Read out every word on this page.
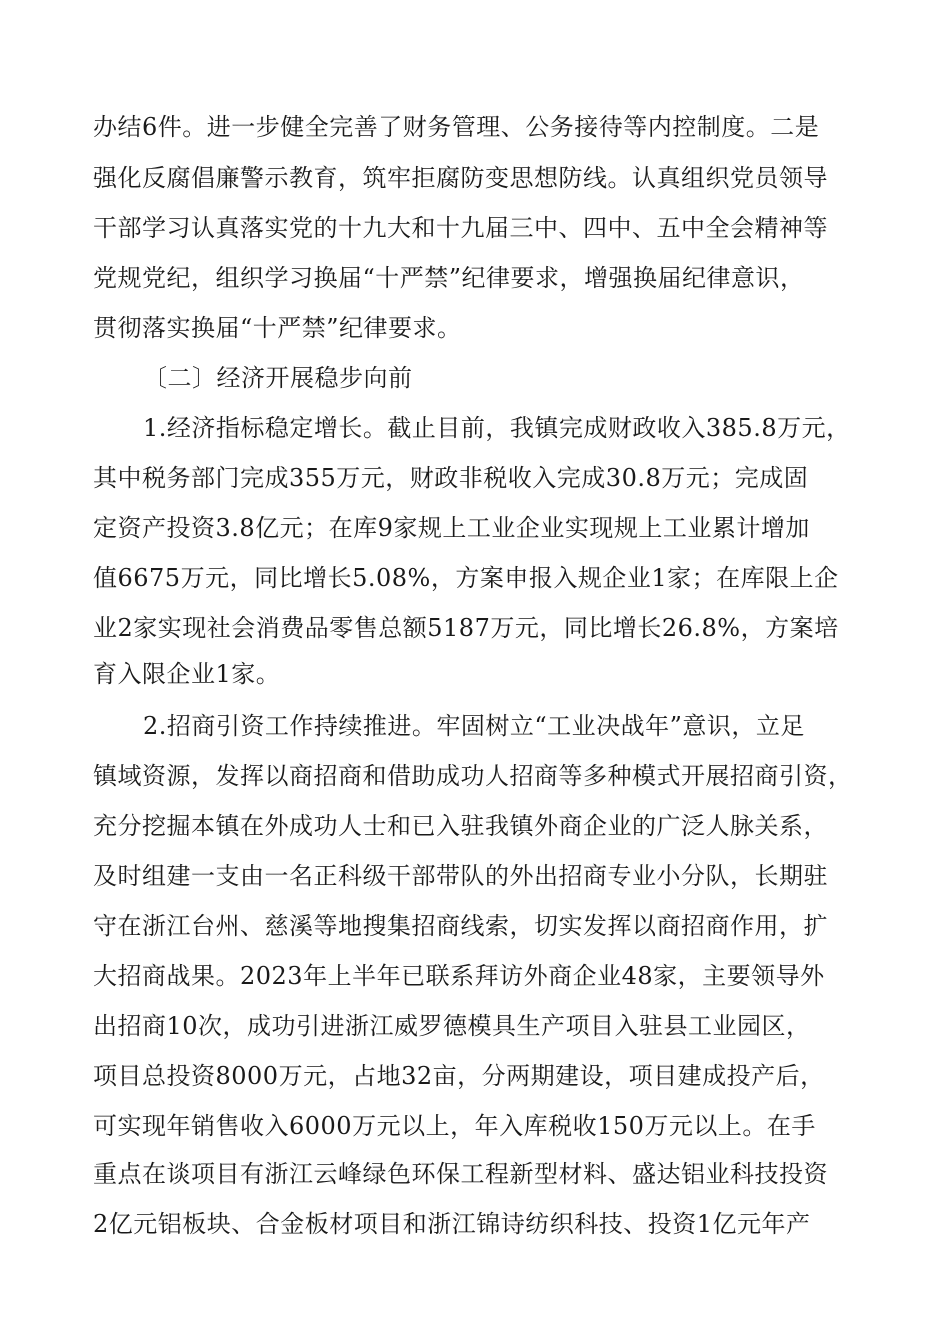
办结6件。进一步健全完善了财务管理、公务接待等内控制度。二是
强化反腐倡廉警示教育，筑牢拒腐防变思想防线。认真组织党员领导
干部学习认真落实党的十九大和十九届三中、四中、五中全会精神等
党规党纪，组织学习换届“十严禁”纪律要求，增强换届纪律意识，
贯彻落实换届“十严禁”纪律要求。
〔二〕经济开展稳步向前
1.经济指标稳定增长。截止目前，我镇完成财政收入385.8万元，
其中税务部门完成355万元，财政非税收入完成30.8万元；完成固
定资产投资3.8亿元；在库9家规上工业企业实现规上工业累计增加
值6675万元，同比增长5.08%，方案申报入规企业1家；在库限上企
业2家实现社会消费品零售总额5187万元，同比增长26.8%，方案培
育入限企业1家。
2.招商引资工作持续推进。牢固树立“工业决战年”意识，立足
镇域资源，发挥以商招商和借助成功人招商等多种模式开展招商引资，
充分挖掘本镇在外成功人士和已入驻我镇外商企业的广泛人脉关系，
及时组建一支由一名正科级干部带队的外出招商专业小分队，长期驻
守在浙江台州、慈溪等地搜集招商线索，切实发挥以商招商作用，扩
大招商战果。2023年上半年已联系拜访外商企业48家，主要领导外
出招商10次，成功引进浙江威罗德模具生产项目入驻县工业园区，
项目总投资8000万元，占地32亩，分两期建设，项目建成投产后，
可实现年销售收入6000万元以上，年入库税收150万元以上。在手
重点在谈项目有浙江云峰绿色环保工程新型材料、盛达铝业科技投资
2亿元铝板块、合金板材项目和浙江锦诗纺织科技、投资1亿元年产
